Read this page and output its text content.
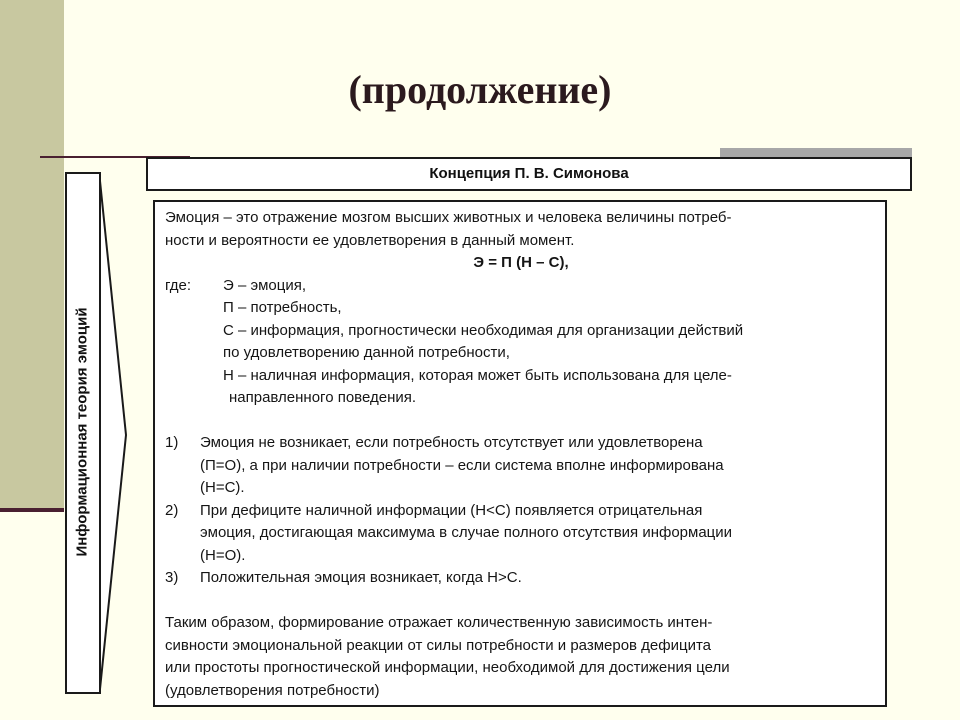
(продолжение)
Концепция П. В. Симонова
Информационная теория эмоций

Эмоция – это отражение мозгом высших животных и человека величины потреб-

ности и вероятности ее удовлетворения в данный момент.

Э = П (Н – С),

где:	Э – эмоция,

П – потребность,

С – информация, прогностически необходимая для организации действий

по удовлетворению данной потребности,

Н – наличная информация, которая может быть использована для целе-

направленного поведения.

1)	Эмоция не возникает, если потребность отсутствует или удовлетворена

(П=О), а при наличии потребности – если система вполне информирована

(Н=С).

2)	При дефиците наличной информации (Н<С) появляется отрицательная

эмоция, достигающая максимума в случае полного отсутствия информации

(Н=О).

3)	Положительная эмоция возникает, когда Н>С.

Таким образом, формирование отражает количественную зависимость интен-

сивности эмоциональной реакции от силы потребности и размеров дефицита

или простоты прогностической информации, необходимой для достижения цели

(удовлетворения потребности)
